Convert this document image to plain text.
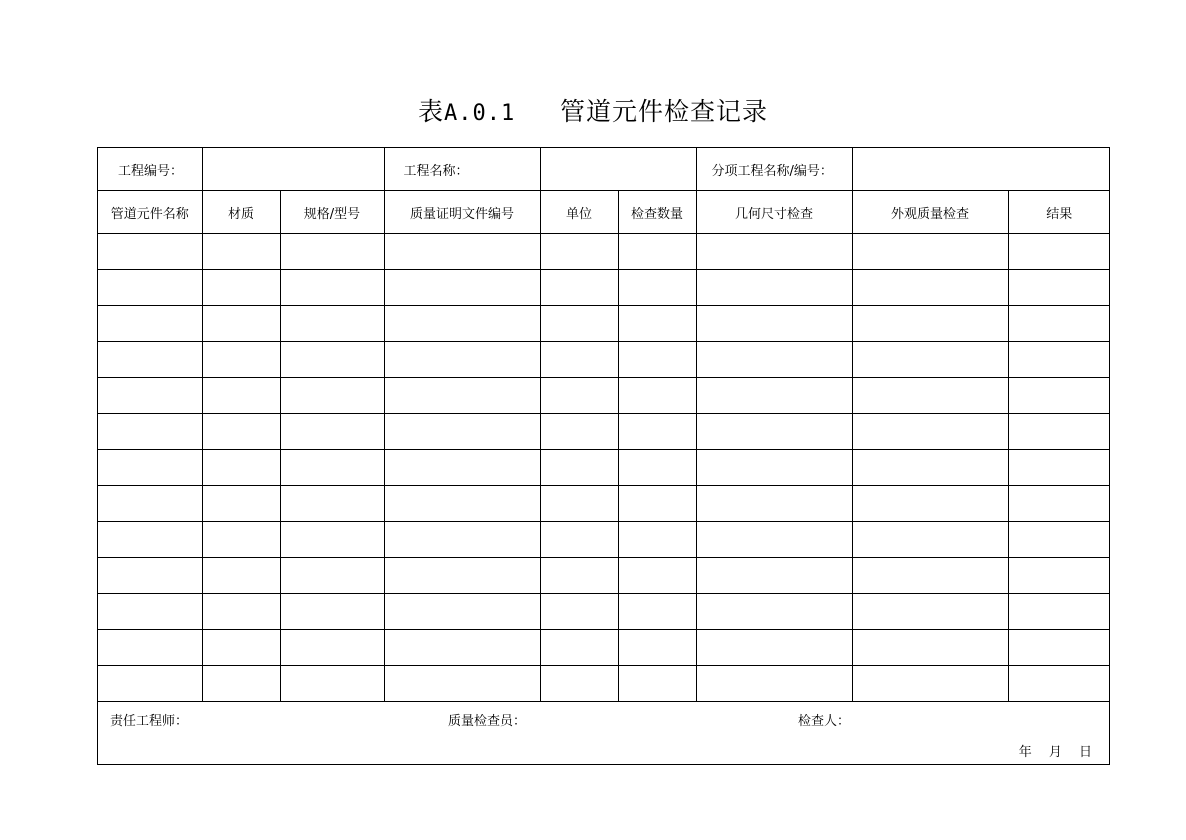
表A.0.1 管道元件检查记录
工程编号：			工程名称：			分项工程名称/编号：		
管道元件名称	材质	规格/型号	质量证明文件编号	单位	检查数量	几何尺寸检查	外观质量检查	结果

责任工程师：	质量检查员：	检查人：
年　 月　 日
